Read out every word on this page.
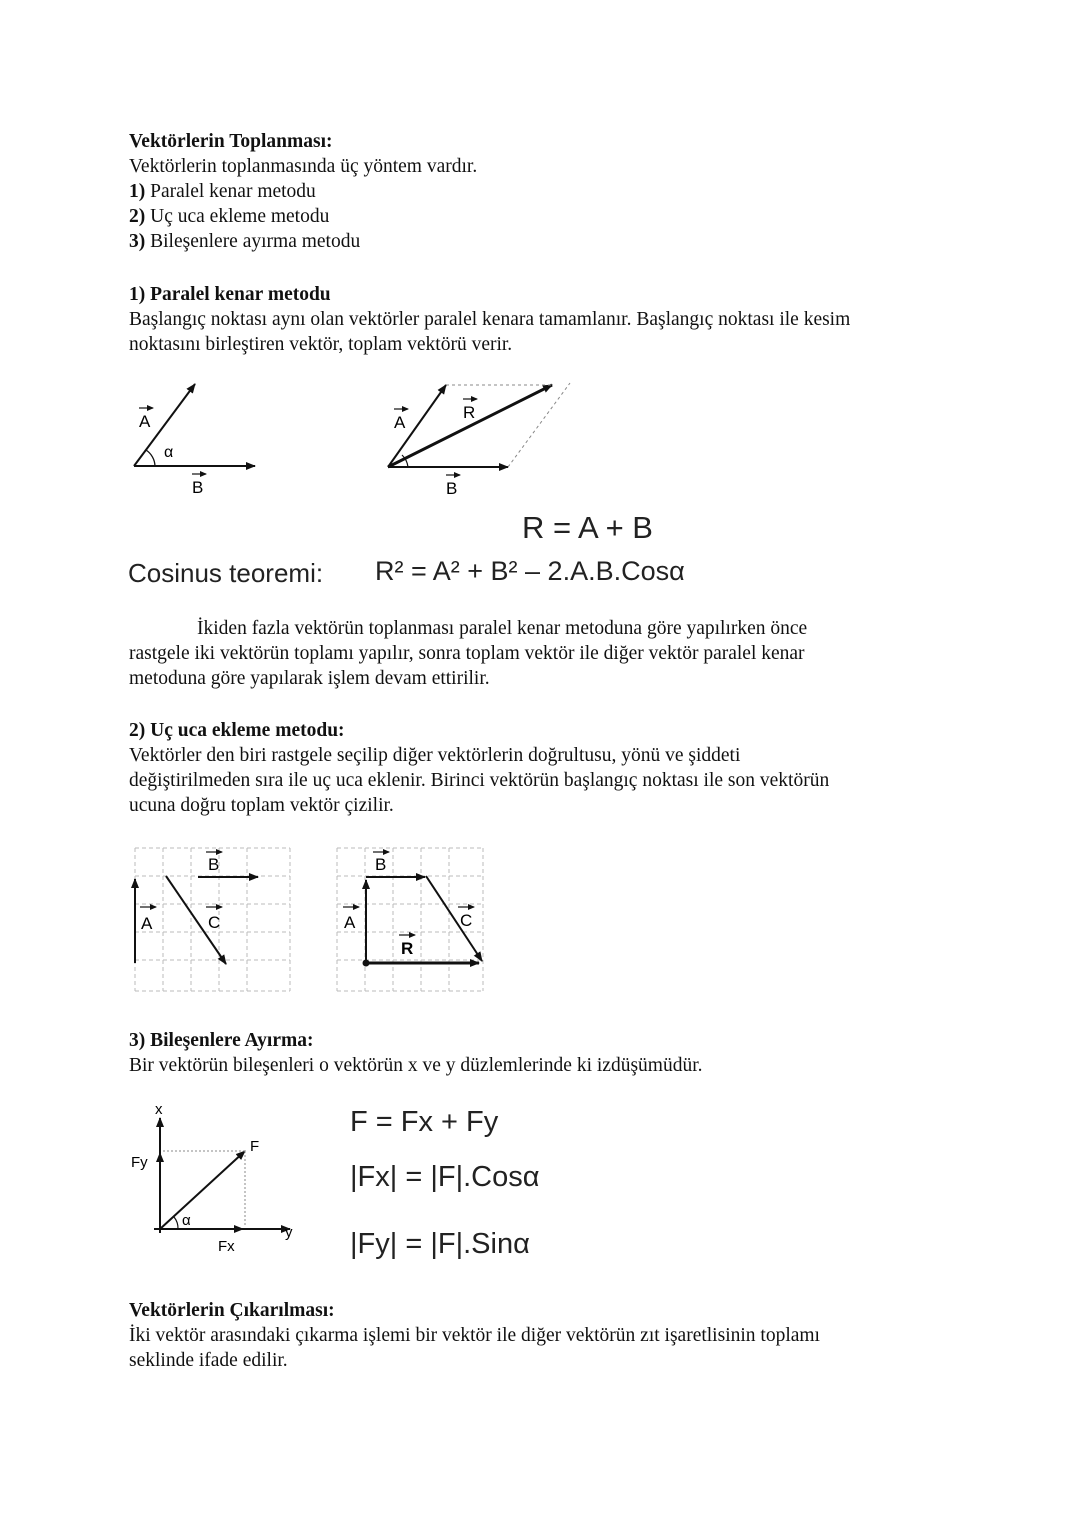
Vektörlerin Toplanması:
Vektörlerin toplanmasında üç yöntem vardır.
1) Paralel kenar metodu
2) Uç uca ekleme metodu
3) Bileşenlere ayırma metodu
1) Paralel kenar metodu
Başlangıç noktası aynı olan vektörler paralel kenara tamamlanır. Başlangıç noktası ile kesim
noktasını birleştiren vektör, toplam vektörü verir.
A
α
B
A
R
B
R = A + B
Cosinus teoremi: R² = A² + B² – 2.A.B.Cosα
İkiden fazla vektörün toplanması paralel kenar metoduna göre yapılırken önce
rastgele iki vektörün toplamı yapılır, sonra toplam vektör ile diğer vektör paralel kenar
metoduna göre yapılarak işlem devam ettirilir.
2) Uç uca ekleme metodu:
Vektörler den biri rastgele seçilip diğer vektörlerin doğrultusu, yönü ve şiddeti
değiştirilmeden sıra ile uç uca eklenir. Birinci vektörün başlangıç noktası ile son vektörün
ucuna doğru toplam vektör çizilir.
A
B
C
B
A	C
R
3) Bileşenlere Ayırma:
Bir vektörün bileşenleri o vektörün x ve y düzlemlerinde ki izdüşümüdür.
x
y
Fy
Fx
F
α
F = Fx + Fy
|Fx| = |F|.Cosα
|Fy| = |F|.Sinα
Vektörlerin Çıkarılması:
İki vektör arasındaki çıkarma işlemi bir vektör ile diğer vektörün zıt işaretlisinin toplamı
seklinde ifade edilir.
